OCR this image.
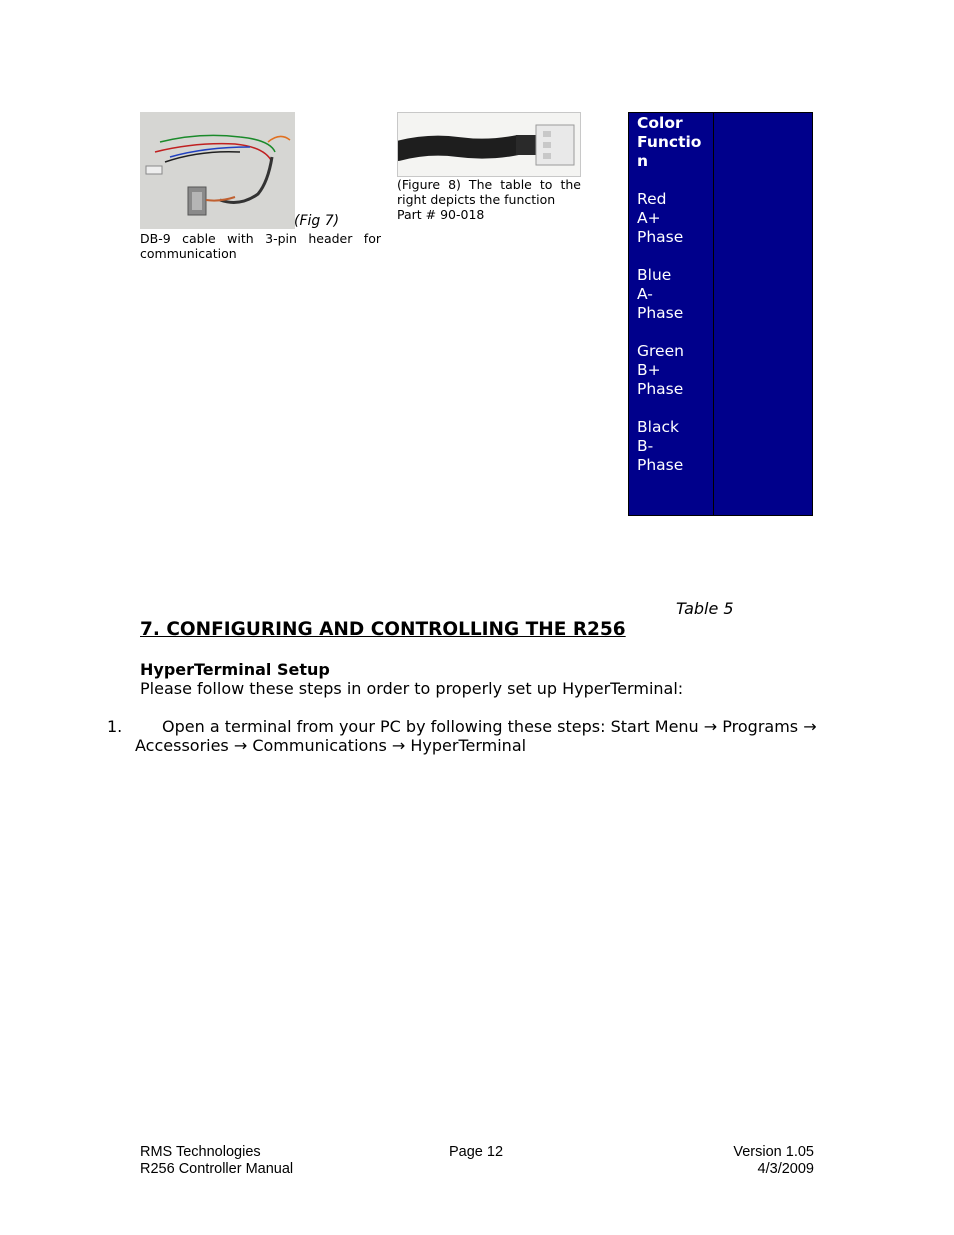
(Fig 7)
DB-9 cable with 3-pin header for communication
(Figure 8) The table to the
right depicts the function
Part # 90-018
Color
Functio
n
Red
A+
Phase
Blue
A-
Phase
Green
B+
Phase
Black
B-
Phase
Table 5
7. CONFIGURING AND CONTROLLING THE R256
HyperTerminal Setup
Please follow these steps in order to properly set up HyperTerminal:
1. Open a terminal from your PC by following these steps: Start Menu → Programs →
Accessories → Communications → HyperTerminal
RMS Technologies
R256 Controller Manual
Page 12	Version 1.05
4/3/2009
